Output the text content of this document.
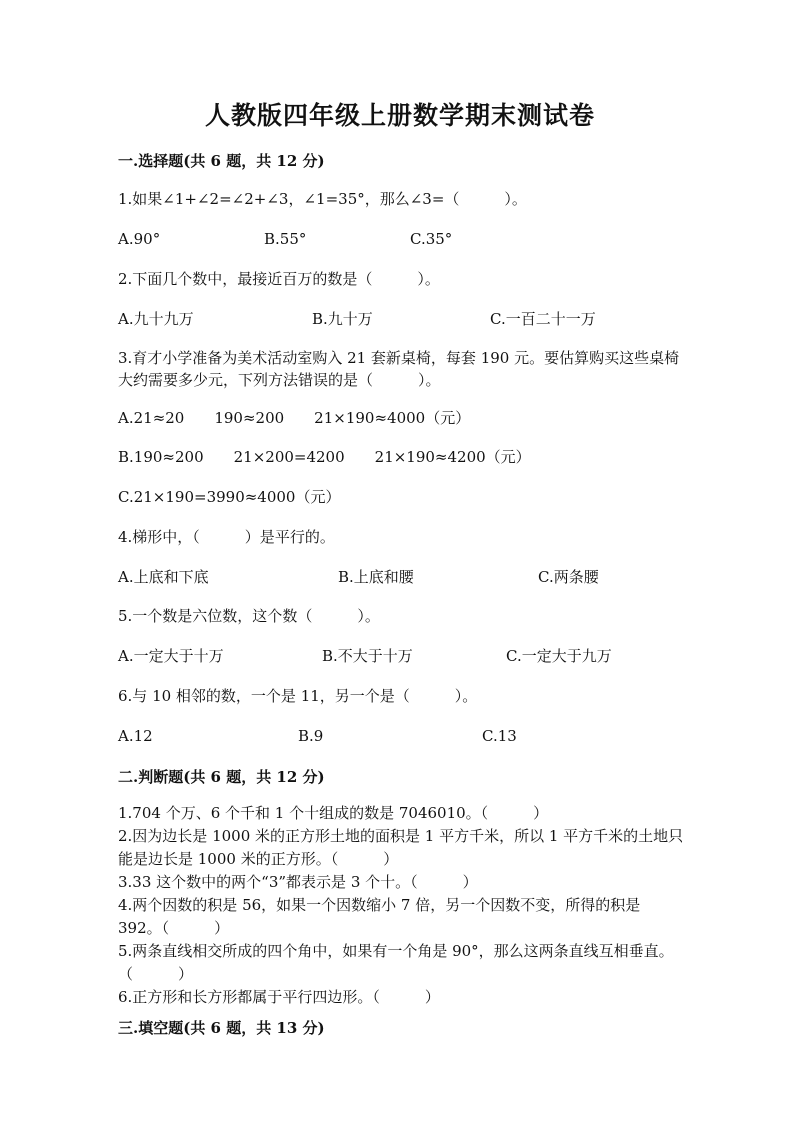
人教版四年级上册数学期末测试卷

一.选择题(共 6 题，共 12 分)

1.如果∠1+∠2=∠2+∠3，∠1=35°，那么∠3=（　　　）。

A.90°	B.55°	C.35°

2.下面几个数中，最接近百万的数是（　　　）。

A.九十九万	B.九十万	C.一百二十一万

3.育才小学准备为美术活动室购入 21 套新桌椅，每套 190 元。要估算购买这些桌椅大约需要多少元，下列方法错误的是（　　　）。

A.21≈20　　190≈200　　21×190≈4000（元）

B.190≈200　　21×200=4200　　21×190≈4200（元）

C.21×190=3990≈4000（元）

4.梯形中，（　　　）是平行的。

A.上底和下底	B.上底和腰	C.两条腰

5.一个数是六位数，这个数（　　　）。

A.一定大于十万	B.不大于十万	C.一定大于九万

6.与 10 相邻的数，一个是 11，另一个是（　　　）。

A.12	B.9	C.13

二.判断题(共 6 题，共 12 分)

1.704 个万、6 个千和 1 个十组成的数是 7046010。（　　　）

2.因为边长是 1000 米的正方形土地的面积是 1 平方千米，所以 1 平方千米的土地只能是边长是 1000 米的正方形。（　　　）

3.33 这个数中的两个“3”都表示是 3 个十。（　　　）

4.两个因数的积是 56，如果一个因数缩小 7 倍，另一个因数不变，所得的积是 392。（　　　）

5.两条直线相交所成的四个角中，如果有一个角是 90°，那么这两条直线互相垂直。（　　　）

6.正方形和长方形都属于平行四边形。（　　　）

三.填空题(共 6 题，共 13 分)
